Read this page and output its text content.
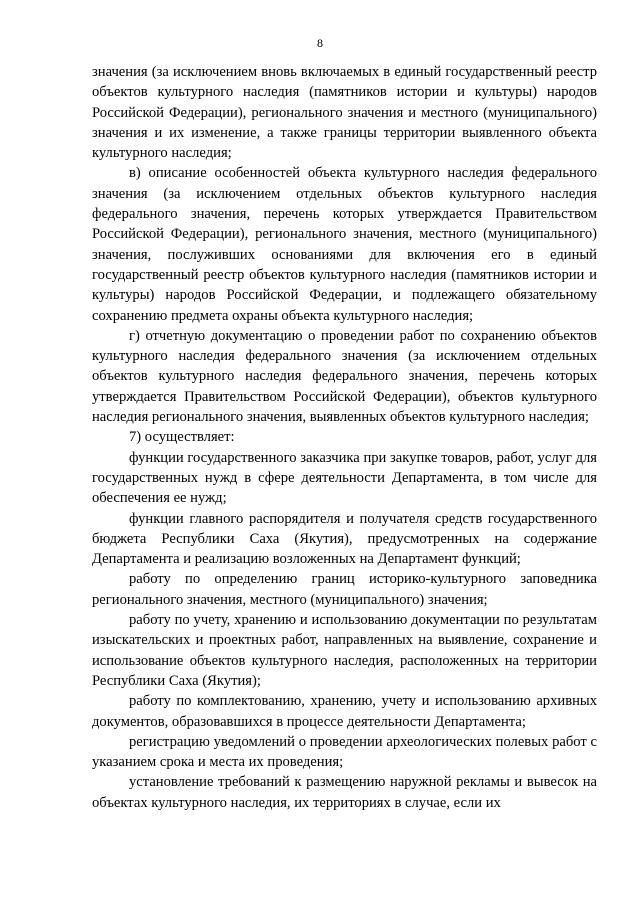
8

значения (за исключением вновь включаемых в единый государственный реестр объектов культурного наследия (памятников истории и культуры) народов Российской Федерации), регионального значения и местного (муниципального) значения и их изменение, а также границы территории выявленного объекта культурного наследия;

в) описание особенностей объекта культурного наследия федерального значения (за исключением отдельных объектов культурного наследия федерального значения, перечень которых утверждается Правительством Российской Федерации), регионального значения, местного (муниципального) значения, послуживших основаниями для включения его в единый государственный реестр объектов культурного наследия (памятников истории и культуры) народов Российской Федерации, и подлежащего обязательному сохранению предмета охраны объекта культурного наследия;

г) отчетную документацию о проведении работ по сохранению объектов культурного наследия федерального значения (за исключением отдельных объектов культурного наследия федерального значения, перечень которых утверждается Правительством Российской Федерации), объектов культурного наследия регионального значения, выявленных объектов культурного наследия;

7) осуществляет:

функции государственного заказчика при закупке товаров, работ, услуг для государственных нужд в сфере деятельности Департамента, в том числе для обеспечения ее нужд;

функции главного распорядителя и получателя средств государственного бюджета Республики Саха (Якутия), предусмотренных на содержание Департамента и реализацию возложенных на Департамент функций;

работу по определению границ историко-культурного заповедника регионального значения, местного (муниципального) значения;

работу по учету, хранению и использованию документации по результатам изыскательских и проектных работ, направленных на выявление, сохранение и использование объектов культурного наследия, расположенных на территории Республики Саха (Якутия);

работу по комплектованию, хранению, учету и использованию архивных документов, образовавшихся в процессе деятельности Департамента;

регистрацию уведомлений о проведении археологических полевых работ с указанием срока и места их проведения;

установление требований к размещению наружной рекламы и вывесок на объектах культурного наследия, их территориях в случае, если их
